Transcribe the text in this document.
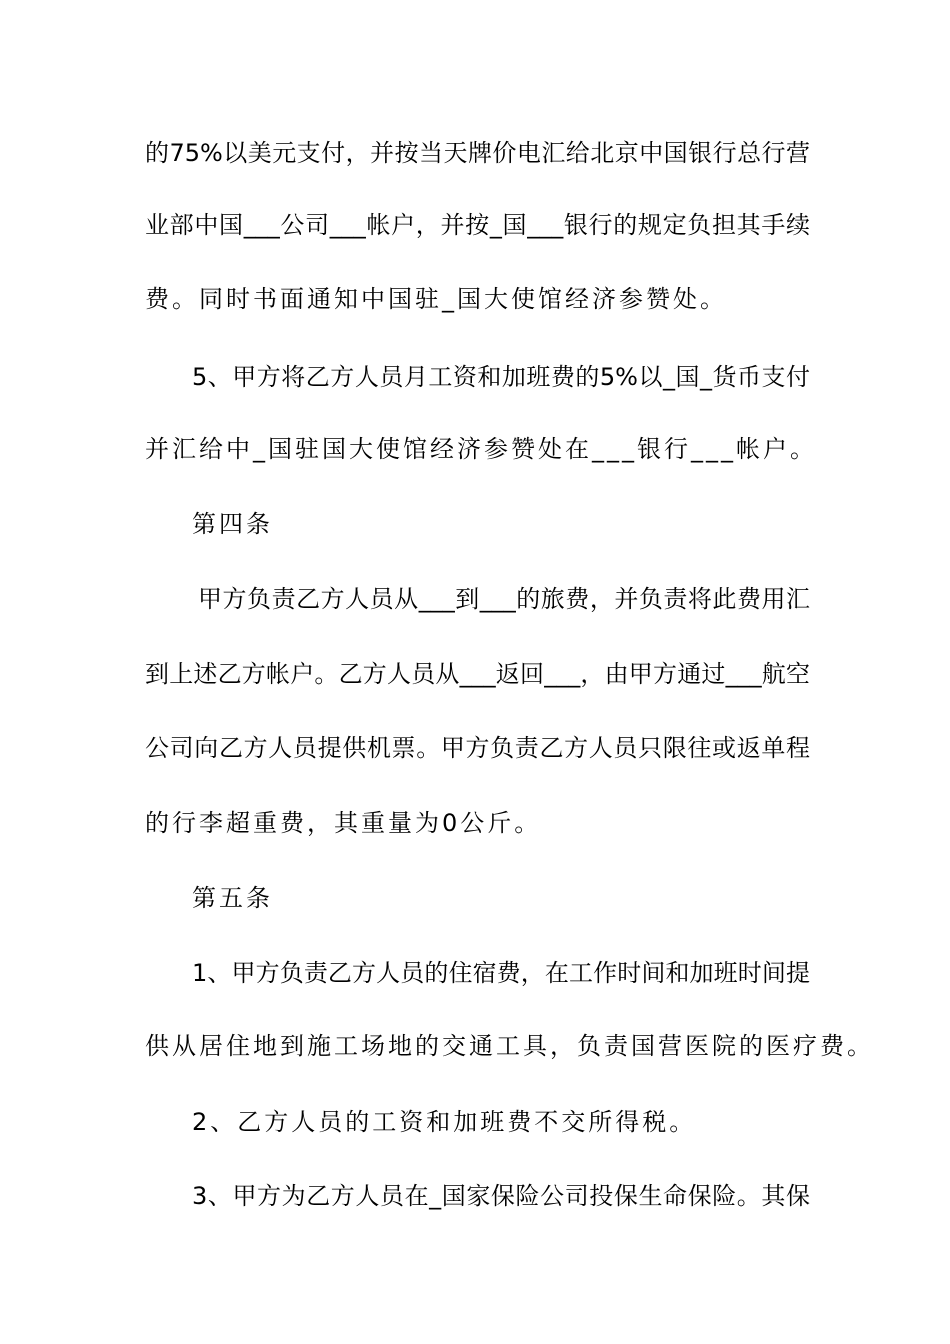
的75%以美元支付，并按当天牌价电汇给北京中国银行总行营
业部中国___公司___帐户，并按_国___银行的规定负担其手续
费。同时书面通知中国驻_国大使馆经济参赞处。
5、甲方将乙方人员月工资和加班费的5%以_国_货币支付
并汇给中_国驻国大使馆经济参赞处在___银行___帐户。
第四条
甲方负责乙方人员从___到___的旅费，并负责将此费用汇
到上述乙方帐户。乙方人员从___返回___，由甲方通过___航空
公司向乙方人员提供机票。甲方负责乙方人员只限往或返单程
的行李超重费，其重量为0公斤。
第五条
1、甲方负责乙方人员的住宿费，在工作时间和加班时间提
供从居住地到施工场地的交通工具，负责国营医院的医疗费。
2、乙方人员的工资和加班费不交所得税。
3、甲方为乙方人员在_国家保险公司投保生命保险。其保
